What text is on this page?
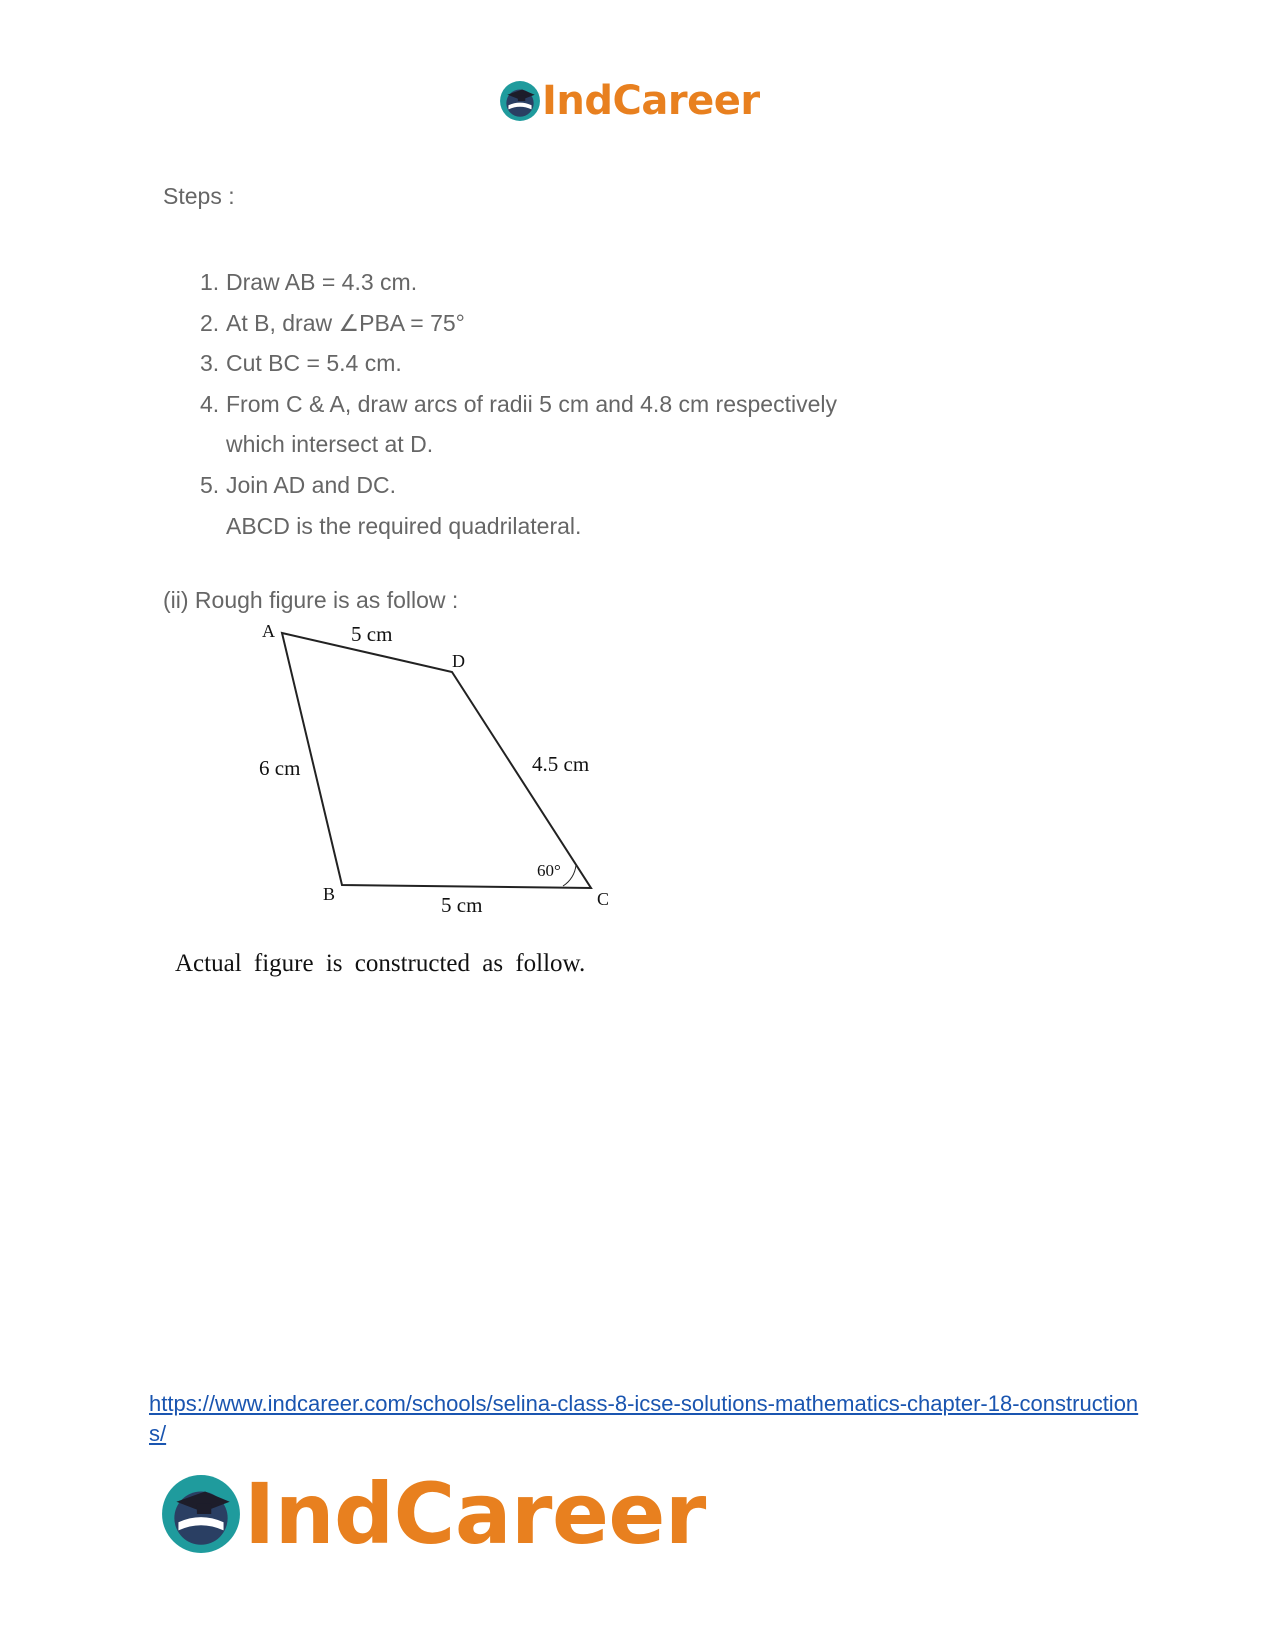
IndCareer
Steps :
1. Draw AB = 4.3 cm.
2. At B, draw ∠PBA = 75°
3. Cut BC = 5.4 cm.
4. From C & A, draw arcs of radii 5 cm and 4.8 cm respectively
which intersect at D.
5. Join AD and DC.
ABCD is the required quadrilateral.
(ii) Rough figure is as follow :
A
D
B	C
5 cm
6 cm	4.5 cm
5 cm
60°
Actual figure is constructed as follow.
https://www.indcareer.com/schools/selina-class-8-icse-solutions-mathematics-chapter-18-constructions/
IndCareer
